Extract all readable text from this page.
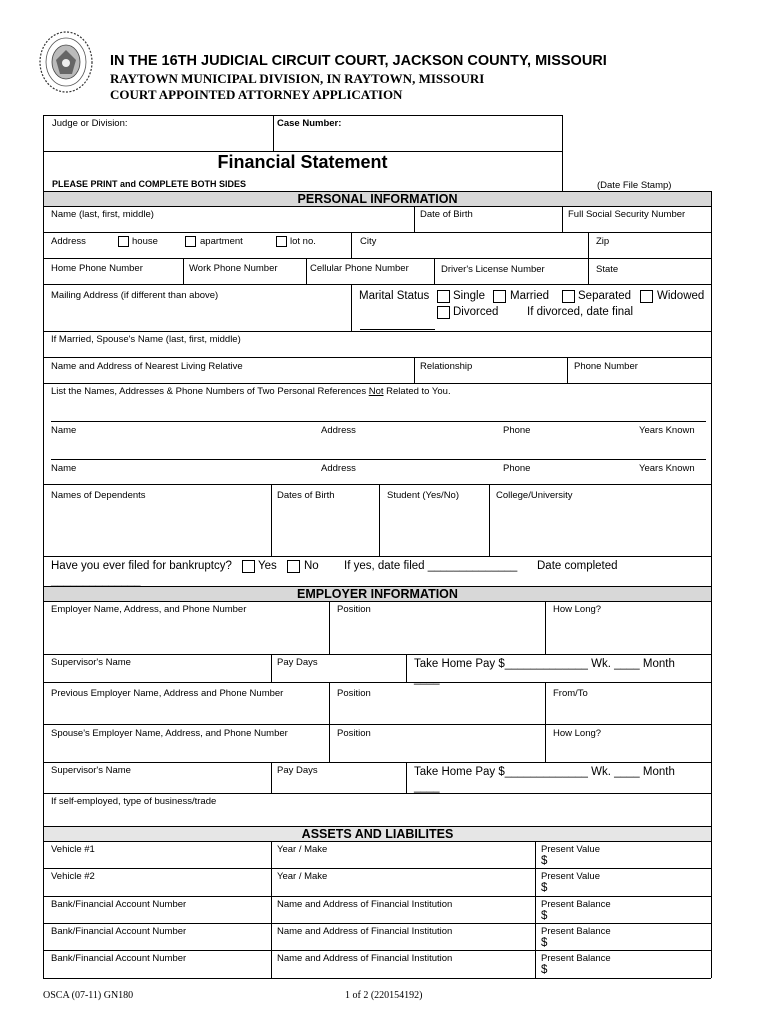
IN THE 16TH JUDICIAL CIRCUIT COURT, JACKSON COUNTY, MISSOURI
RAYTOWN MUNICIPAL DIVISION, IN RAYTOWN, MISSOURI
COURT APPOINTED ATTORNEY APPLICATION
Judge or Division:	Case Number:
Financial Statement
PLEASE PRINT and COMPLETE BOTH SIDES	(Date File Stamp)
PERSONAL INFORMATION
Name (last, first, middle)	Date of Birth	Full Social Security Number
Address	house	apartment	lot no.	City	Zip
Home Phone Number	Work Phone Number	Cellular Phone Number	Driver's License Number	State
Mailing Address (if different than above)	Marital Status Single Married	Separated Widowed
Divorced If divorced, date final
If Married, Spouse's Name (last, first, middle)
Name and Address of Nearest Living Relative	Relationship	Phone Number
List the Names, Addresses & Phone Numbers of Two Personal References Not Related to You.
Name	Address	Phone	Years Known
Name	Address	Phone	Years Known
Names of Dependents	Dates of Birth	Student (Yes/No)	College/University
Have you ever filed for bankruptcy? Yes No If yes, date filed ______________ Date completed
______________
EMPLOYER INFORMATION
Employer Name, Address, and Phone Number	Position	How Long?
Supervisor's Name	Pay Days	Take Home Pay $_____________ Wk. ____ Month
____
Previous Employer Name, Address and Phone Number	Position	From/To
Spouse's Employer Name, Address, and Phone Number	Position	How Long?
Supervisor's Name	Pay Days	Take Home Pay $_____________ Wk. ____ Month
____
If self-employed, type of business/trade
ASSETS AND LIABILITES
Vehicle #1	Year / Make	Present Value
$
Vehicle #2	Year / Make	Present Value
$
Bank/Financial Account Number	Name and Address of Financial Institution	Present Balance
$
Bank/Financial Account Number	Name and Address of Financial Institution	Present Balance
$
Bank/Financial Account Number	Name and Address of Financial Institution	Present Balance
$
OSCA (07-11) GN180	1 of 2 (220154192)
